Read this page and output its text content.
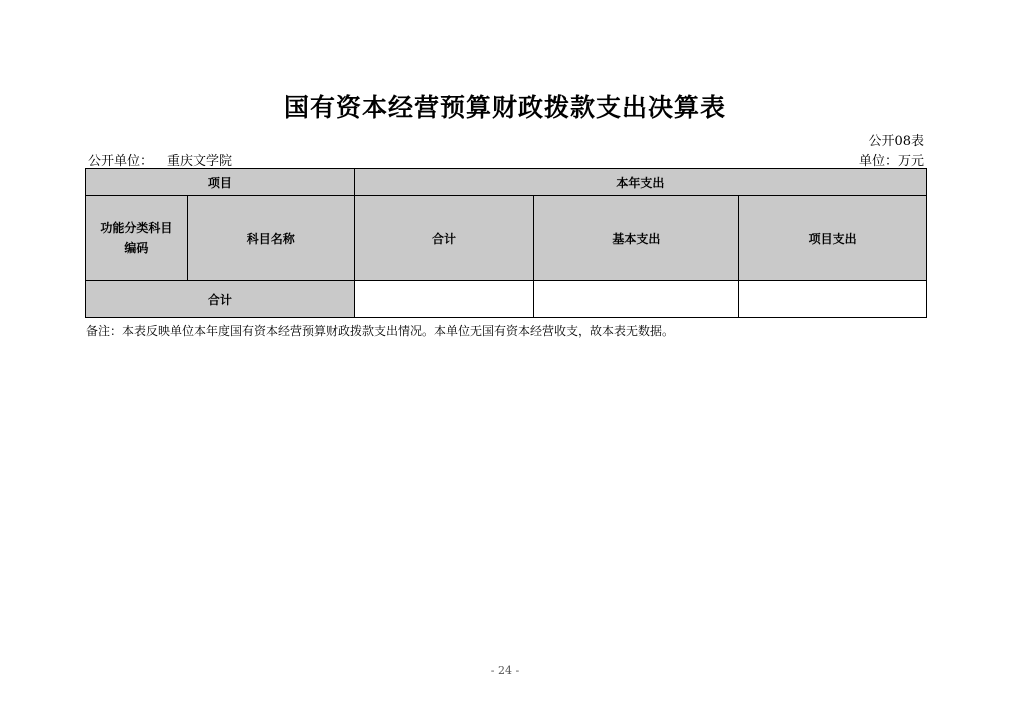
国有资本经营预算财政拨款支出决算表
公开08表
公开单位： 重庆文学院	单位：万元
项目		本年支出		
功能分类科目
编码	科目名称	合计	基本支出	项目支出
合计				
备注：本表反映单位本年度国有资本经营预算财政拨款支出情况。本单位无国有资本经营收支，故本表无数据。
- 24 -
